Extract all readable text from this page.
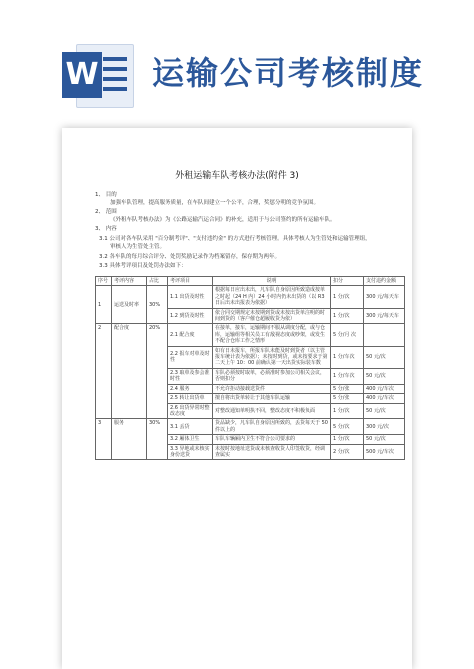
W 运输公司考核制度
外租运输车队考核办法(附件 3)
1、 目的
加强车队管理，提高服务质量，在车队间建立一个公平，合理，奖惩分明的竞争氛围。
2、 范围
《外租车队考核办法》为《公路运输汽运合同》的补充，适用于与公司签约的所有运输车队。
3、 内容
3.1 公司对各车队采用 "百分制考评"、"支付违约金" 的方式进行考核管理。具体考核人为生管处和运输管理组，
审核人为生管处主管。
3.2 各车队的每月综合评分、处罚奖励记录作为档案留存，保存期为两年。
3.3 具体考评项目及处罚办法如下：
序号	考评内容	占比	考评项目	说明	扣分	支付违约金额
1	运送及时率	30%	1.1 出货及时性	根据每日应出未出，凡车队自身原因所致造成按单之时起（24 H 内）24 小时内仍未出货的（以 R3 日后出未出报表为依据）	1 分/次	300 元/每天车
			1.2 到货及时性	依合同交期规定未按期到货或未按出货单注明的时间到货的（客户催仓超履收货为依）	1 分/次	300 元/每天车
2	配合度	20%	2.1 配合度	在接单，接车，运输期间不服从调度分配，或与仓库，运输组等相关员工有敌视态度或吵架，或发生不配合仓库工作之情形	5 分/月 次	
			2.2 报车对单及时性	如有日未报车，所报车队未能及时到货者（以主管报车统计表为依据）；未按时到货，或未按要求于第二天上午 10：00 前确认第一天出货实际装车数	1 分/车次	50 元/次
			2.3 取单及参会准时性	车队必须按时取单，必须准时参加公司相关会议，否则扣分	1 分/车次	50 元/次
			2.4 服务	不允许拒动接载送货件	5 分/张	400 元/车次
			2.5 转让出货单	擅自将出货单转让于其他车队运输	5 分/张	400 元/车次
			2.6 出货异常时整改态度	对整改通知单明执不回，整改态度不积极负面	1 分/次	50 元/次
3	服务	30%	3.1 丢货	货品缺少，凡车队自身原因所致的，丢货每天于 50 件以上的	5 分/次	300 元/次
			3.2 厢体卫生	车队车辆厢内卫生不符合公司要求的	1 分/次	50 元/次
			3.3 异地或未核实身份送货	未按时按地址送货或未核查收货人印签收货，经调查属实	2 分/次	500 元/车次
